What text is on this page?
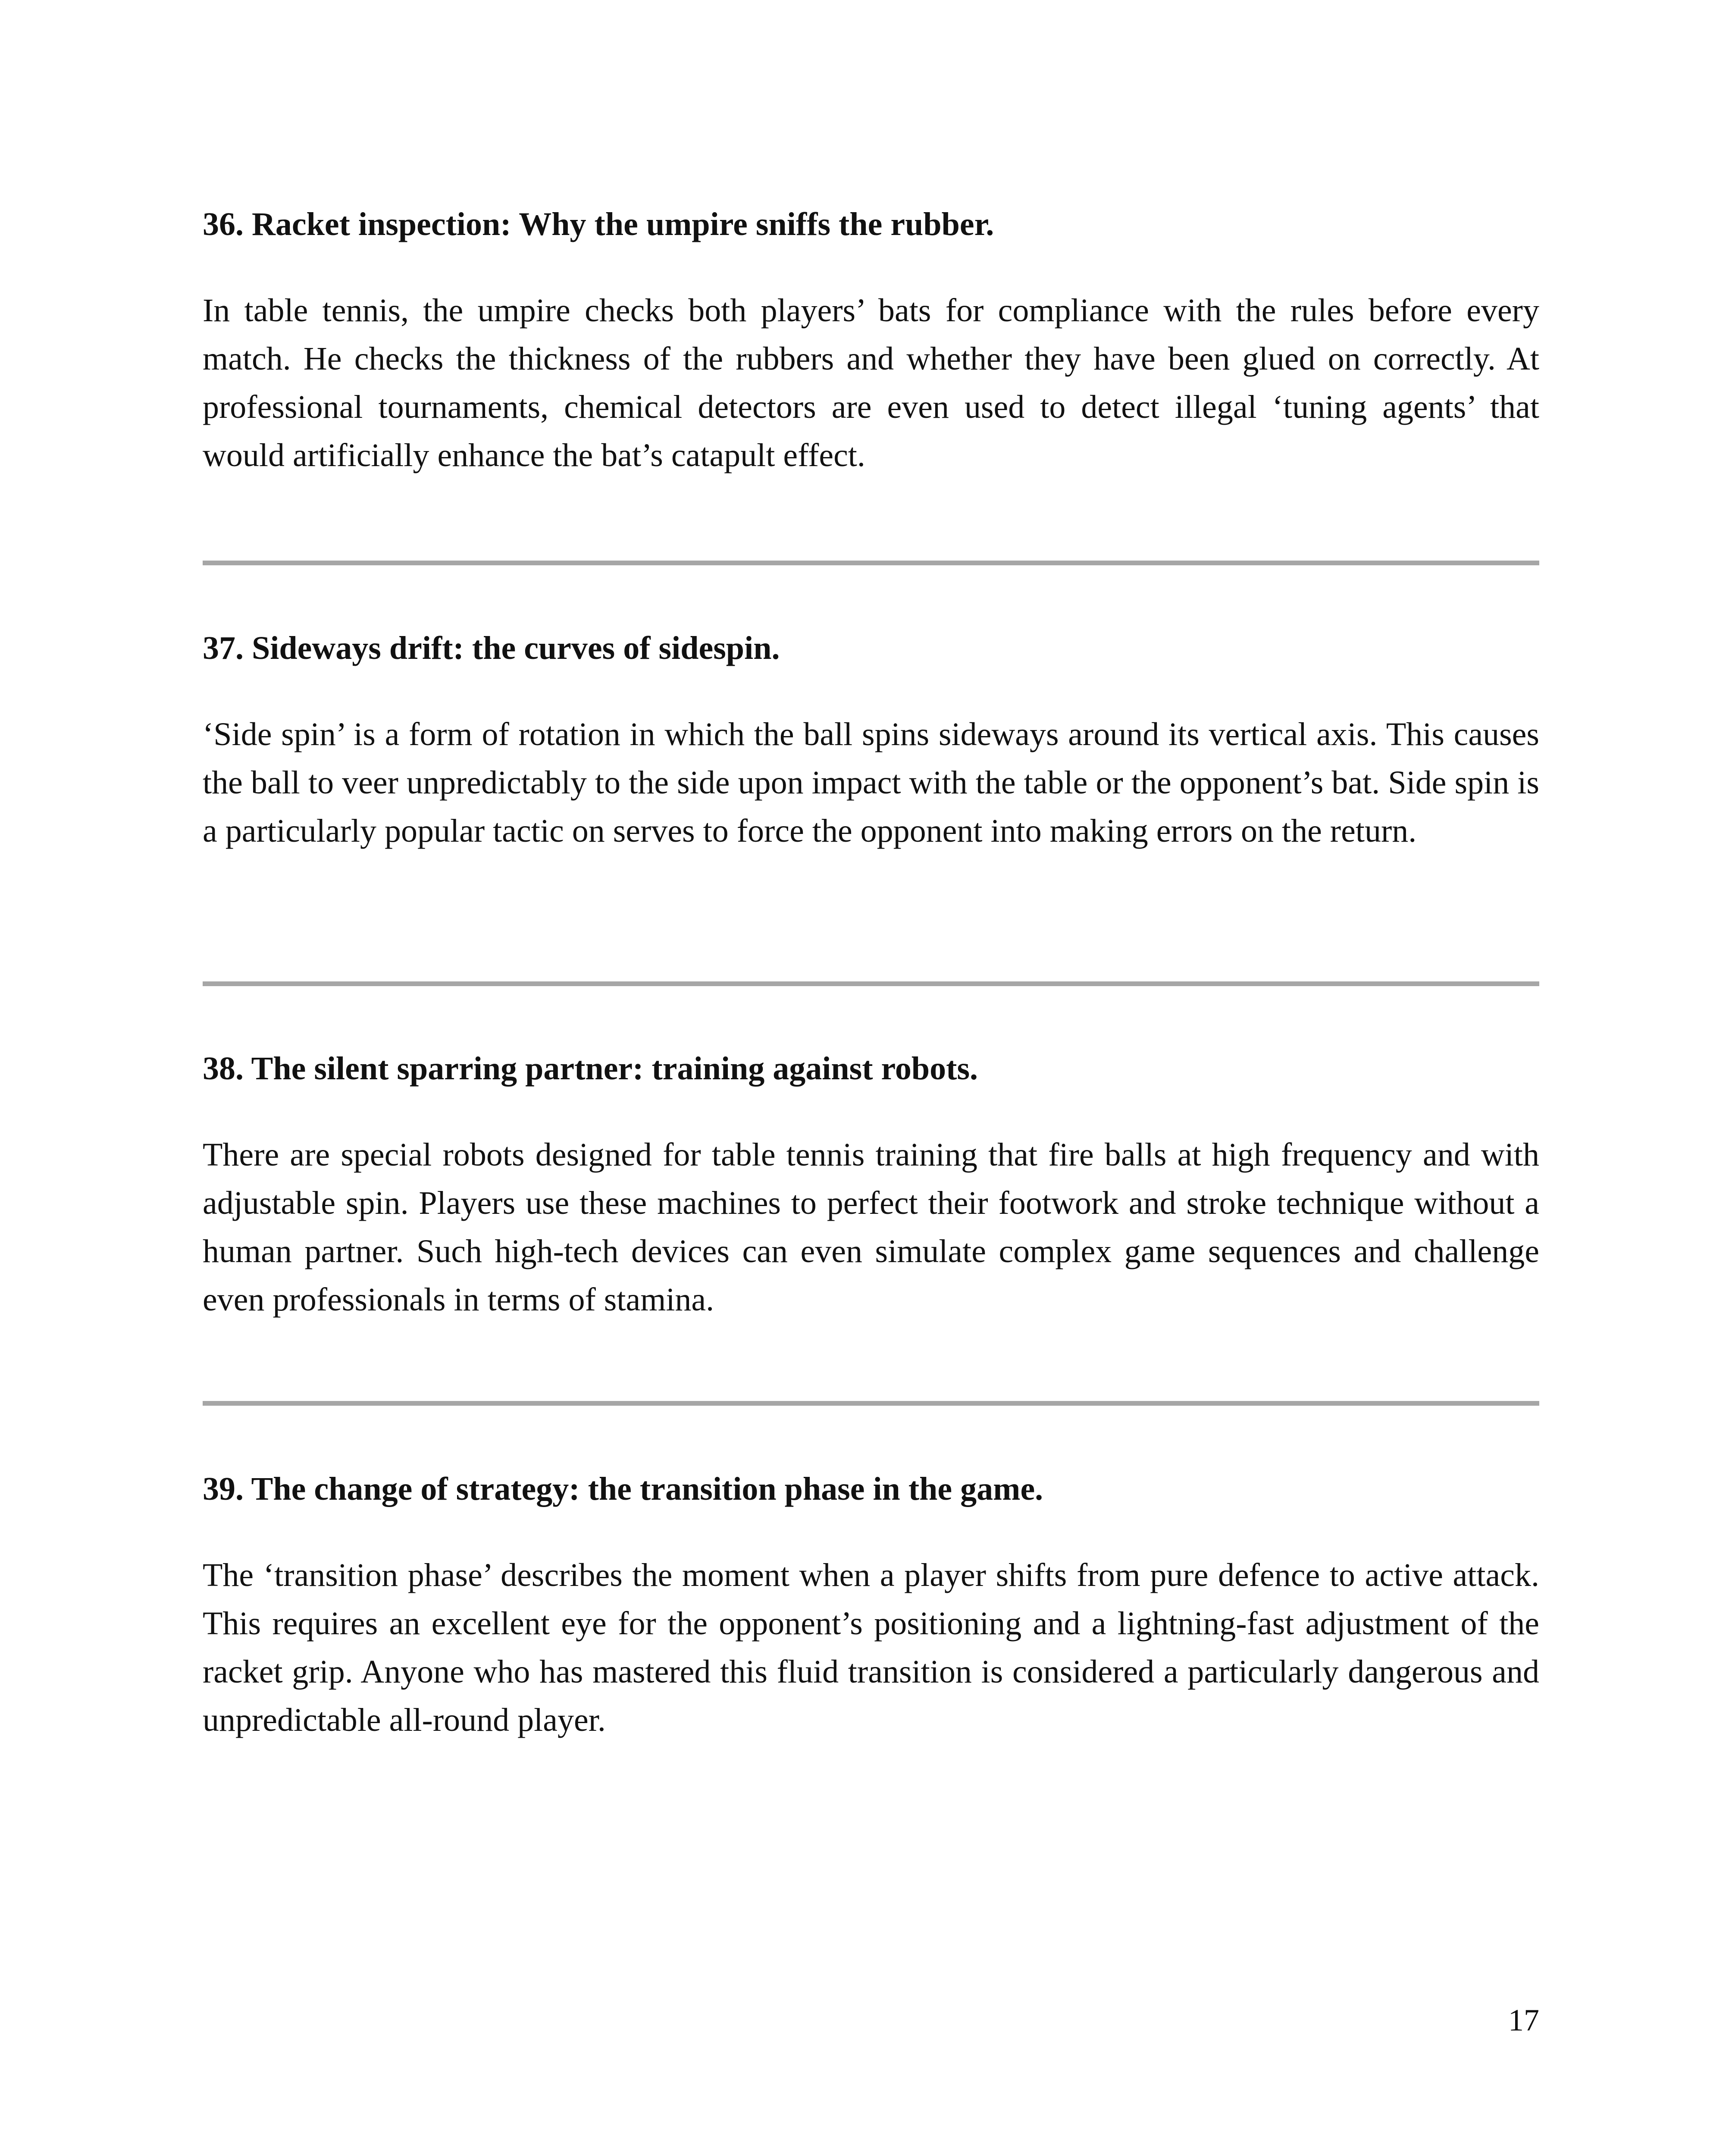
36. Racket inspection: Why the umpire sniffs the rubber.

In table tennis, the umpire checks both players’ bats for compliance with the rules before every match. He checks the thickness of the rubbers and whether they have been glued on correctly. At professional tournaments, chemical detectors are even used to detect illegal ‘tuning agents’ that would artificially enhance the bat’s catapult effect.

37. Sideways drift: the curves of sidespin.

‘Side spin’ is a form of rotation in which the ball spins sideways around its vertical axis. This causes the ball to veer unpredictably to the side upon impact with the table or the opponent’s bat. Side spin is a particularly popular tactic on serves to force the opponent into making errors on the return.

38. The silent sparring partner: training against robots.

There are special robots designed for table tennis training that fire balls at high frequency and with adjustable spin. Players use these machines to perfect their footwork and stroke technique without a human partner. Such high-tech devices can even simulate complex game sequences and challenge even professionals in terms of stamina.

39. The change of strategy: the transition phase in the game.

The ‘transition phase’ describes the moment when a player shifts from pure defence to active attack. This requires an excellent eye for the opponent’s positioning and a lightning-fast adjustment of the racket grip. Anyone who has mastered this fluid transition is considered a particularly dangerous and unpredictable all-round player.

17
